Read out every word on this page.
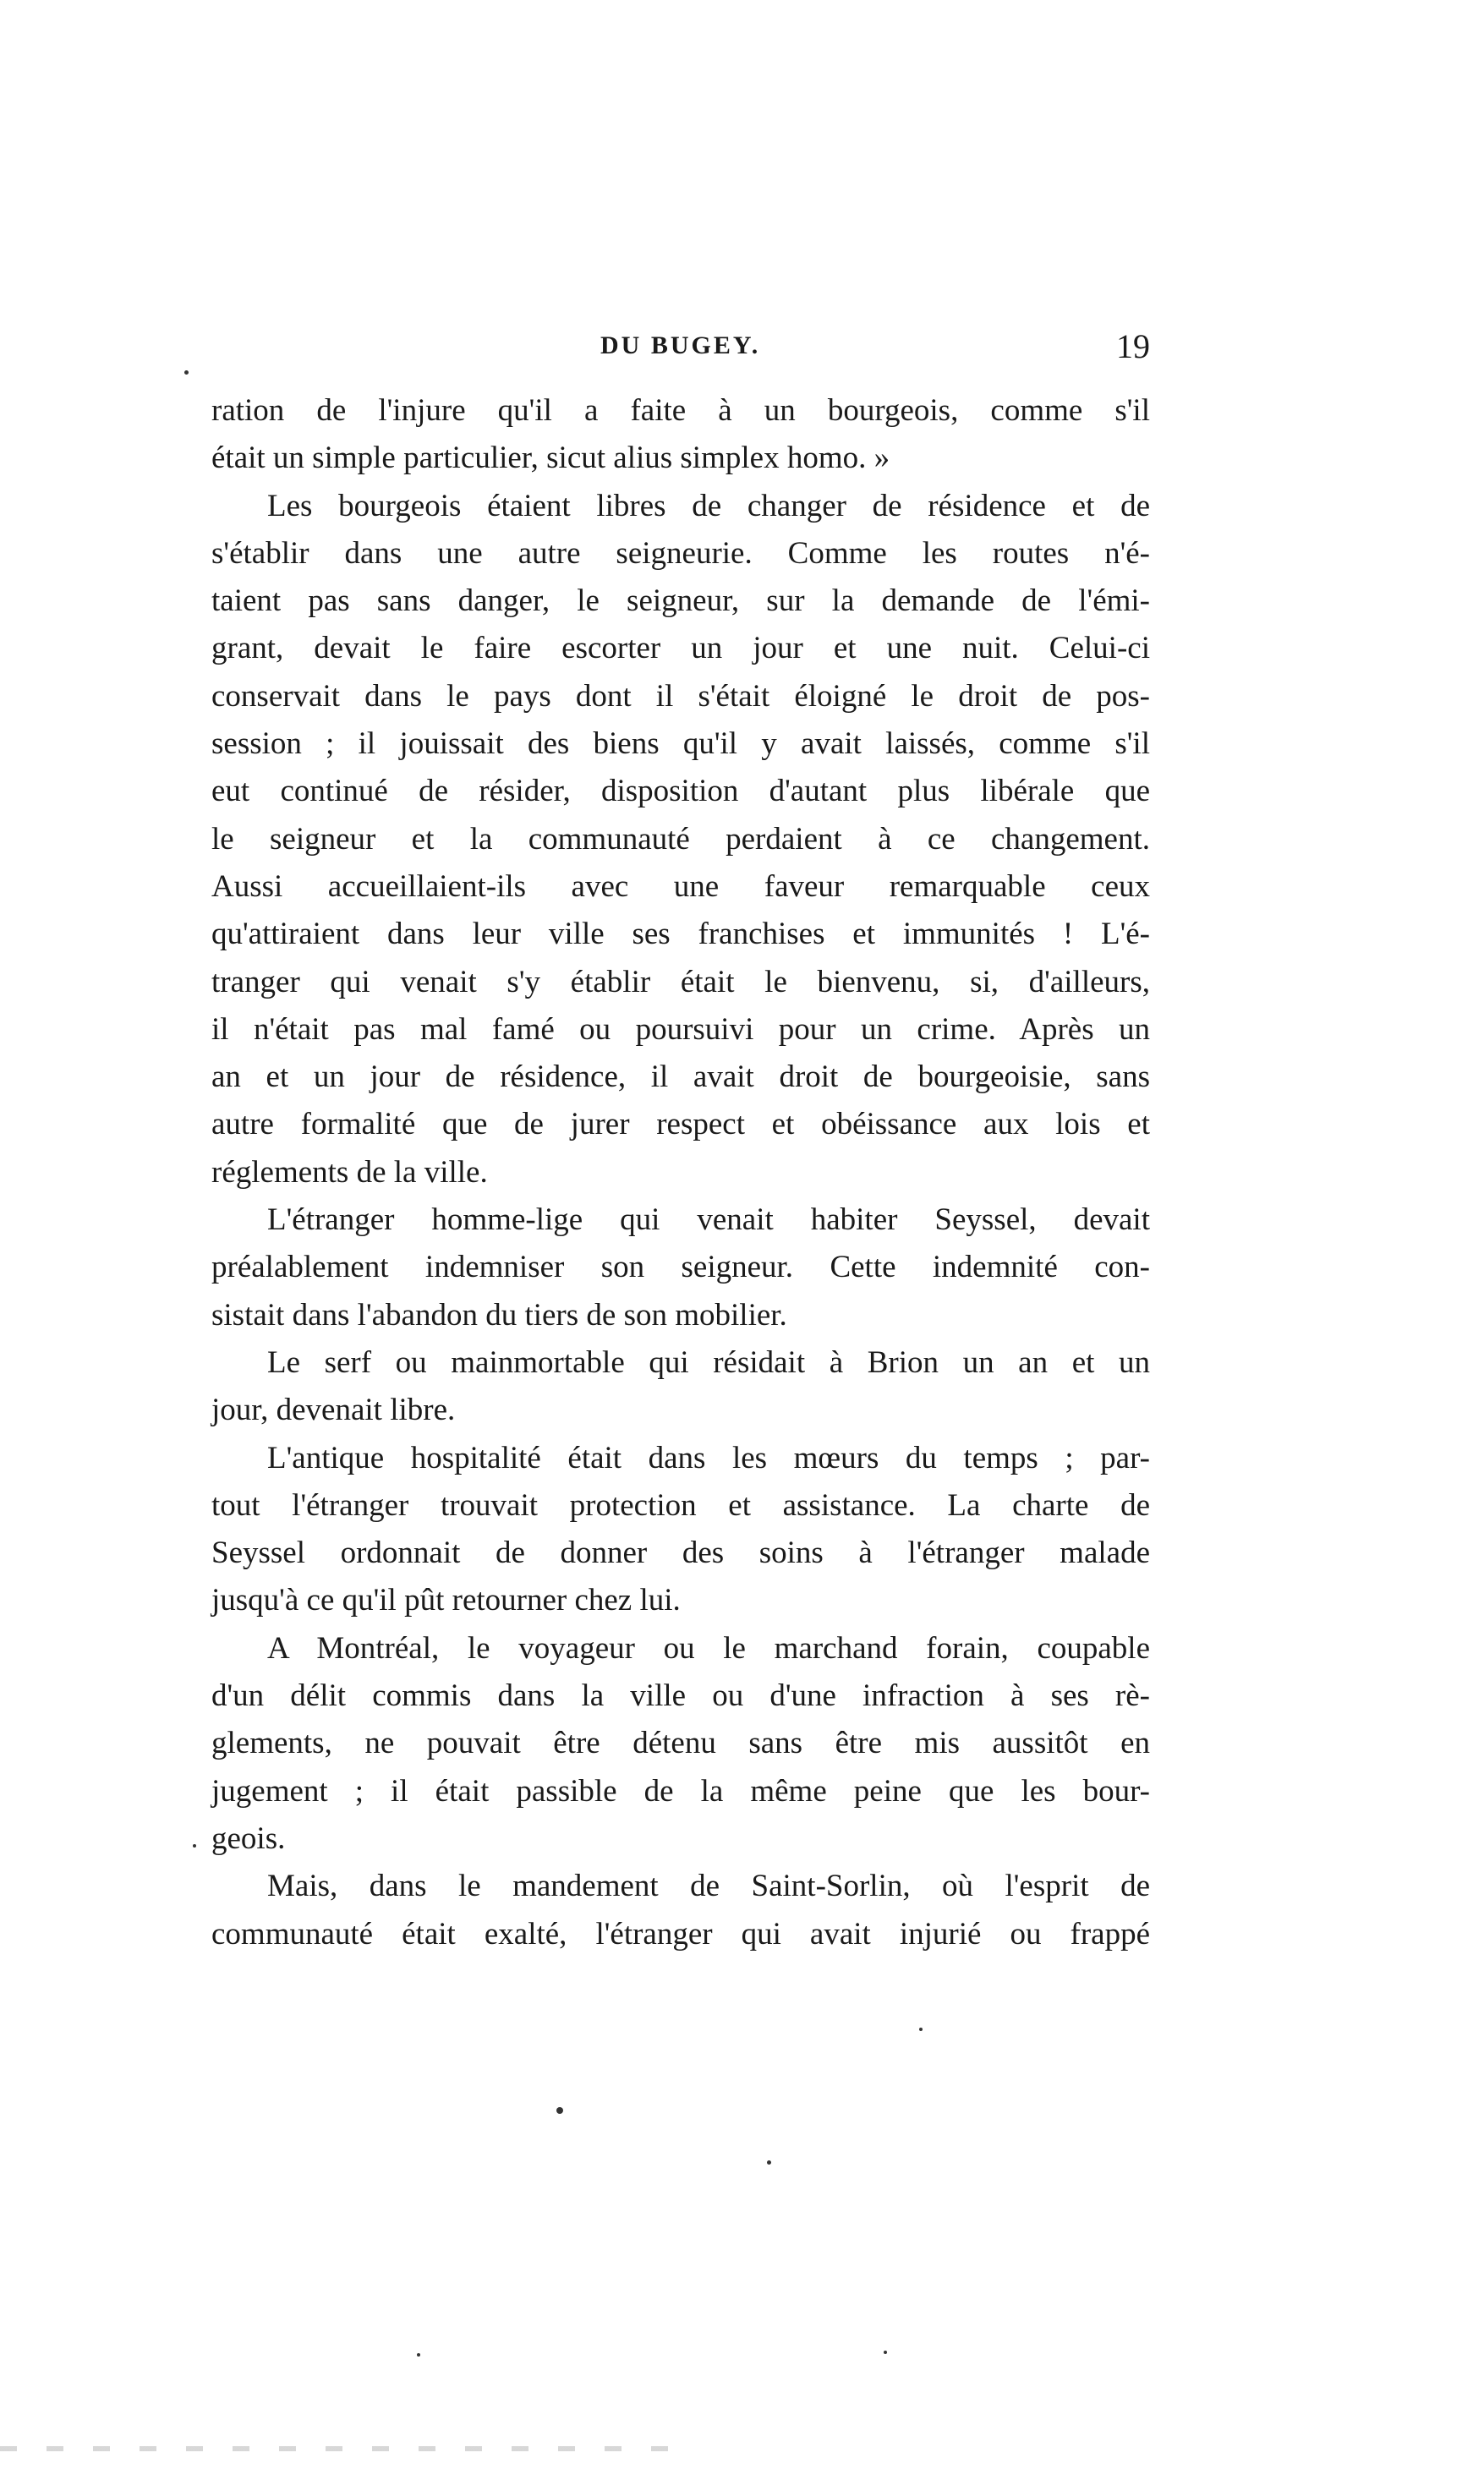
DU BUGEY.	19
ration de l'injure qu'il a faite à un bourgeois, comme s'il
était un simple particulier, sicut alius simplex homo. »
Les bourgeois étaient libres de changer de résidence et de
s'établir dans une autre seigneurie. Comme les routes n'é-
taient pas sans danger, le seigneur, sur la demande de l'émi-
grant, devait le faire escorter un jour et une nuit. Celui-ci
conservait dans le pays dont il s'était éloigné le droit de pos-
session ; il jouissait des biens qu'il y avait laissés, comme s'il
eut continué de résider, disposition d'autant plus libérale que
le seigneur et la communauté perdaient à ce changement.
Aussi accueillaient-ils avec une faveur remarquable ceux
qu'attiraient dans leur ville ses franchises et immunités ! L'é-
tranger qui venait s'y établir était le bienvenu, si, d'ailleurs,
il n'était pas mal famé ou poursuivi pour un crime. Après un
an et un jour de résidence, il avait droit de bourgeoisie, sans
autre formalité que de jurer respect et obéissance aux lois et
réglements de la ville.
L'étranger homme-lige qui venait habiter Seyssel, devait
préalablement indemniser son seigneur. Cette indemnité con-
sistait dans l'abandon du tiers de son mobilier.
Le serf ou mainmortable qui résidait à Brion un an et un
jour, devenait libre.
L'antique hospitalité était dans les mœurs du temps ; par-
tout l'étranger trouvait protection et assistance. La charte de
Seyssel ordonnait de donner des soins à l'étranger malade
jusqu'à ce qu'il pût retourner chez lui.
A Montréal, le voyageur ou le marchand forain, coupable
d'un délit commis dans la ville ou d'une infraction à ses rè-
glements, ne pouvait être détenu sans être mis aussitôt en
jugement ; il était passible de la même peine que les bour-
geois.
Mais, dans le mandement de Saint-Sorlin, où l'esprit de
communauté était exalté, l'étranger qui avait injurié ou frappé
